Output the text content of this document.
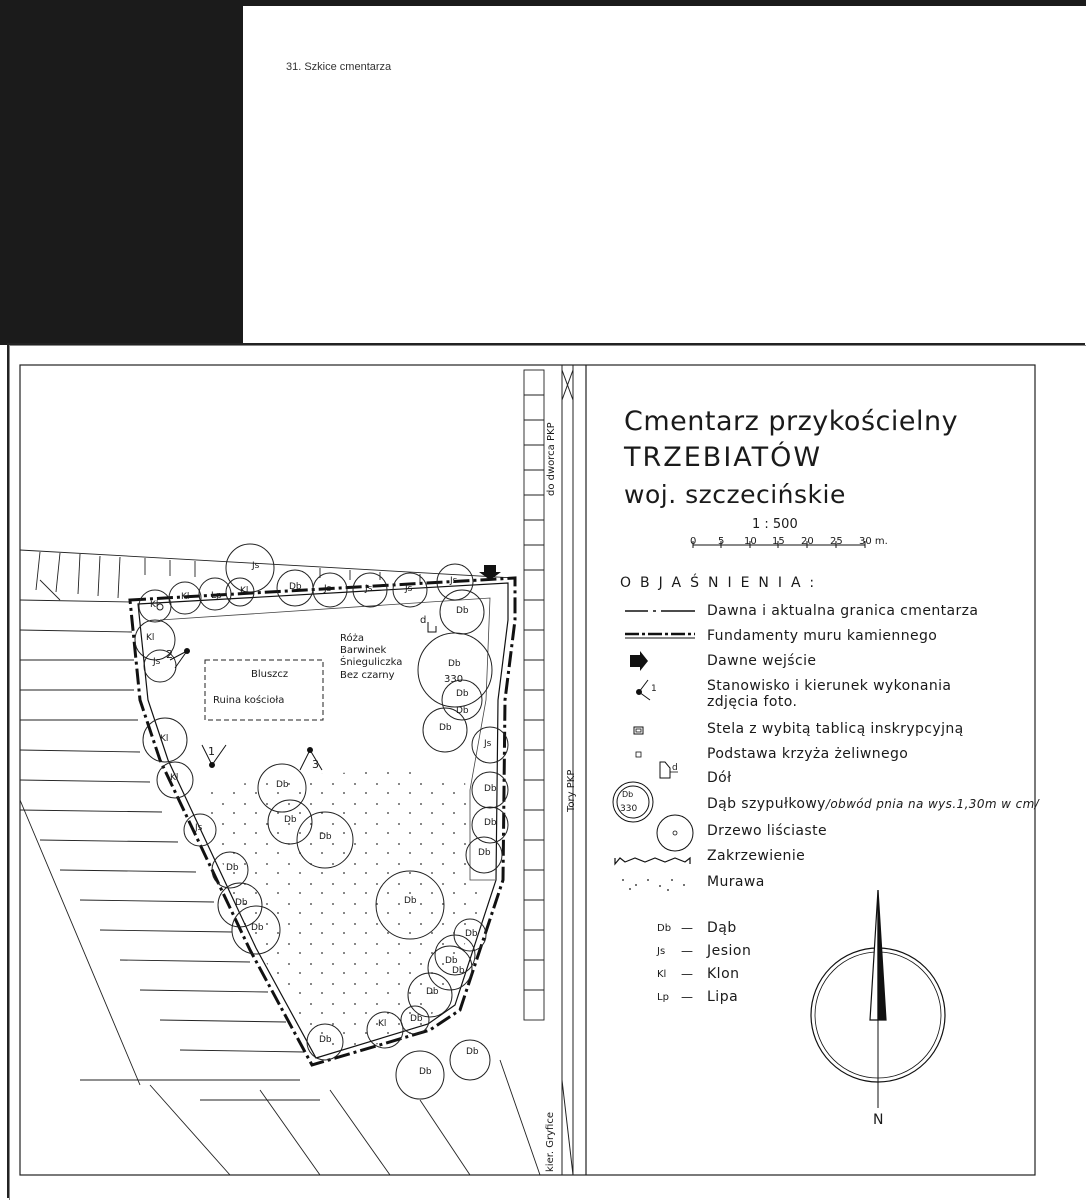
31. Szkice cmentarza
Cmentarz przykościelny
TRZEBIATÓW
woj. szczecińskie
1 : 500
0 5 10 15 20 25 30 m.
OBJAŚNIENIA:
Dawna i aktualna granica cmentarza
Fundamenty muru kamiennego
Dawne wejście
Stanowisko i kierunek wykonania zdjęcia foto.
Stela z wybitą tablicą inskrypcyjną
Podstawa krzyża żeliwnego
Dół
Dąb szypułkowy/obwód pnia na wys.1,30m w cm/
Drzewo liściaste
Zakrzewienie
Murawa
Db — Dąb
Js — Jesion
Kl — Klon
Lp — Lipa
N
Db
330
d
1
Bluszcz
Ruina kościoła
Róża
Barwinek
Śnieguliczka
Bez czarny	330
d
1
2
3
do dworca PKP
Tory PKP
kier. Gryfice
Js
Kl Lp
Kl
Kl	Db Js	Js	Js
Js
Db
Db
Db
Db
Db
Js
Db
Db
Db
Kl
Js
Kl
Kl
Db
Db
Db
Js
Db
Db
Db
Db
Db
Db
Db
Db
Db
Kl
Db
Db
Db
